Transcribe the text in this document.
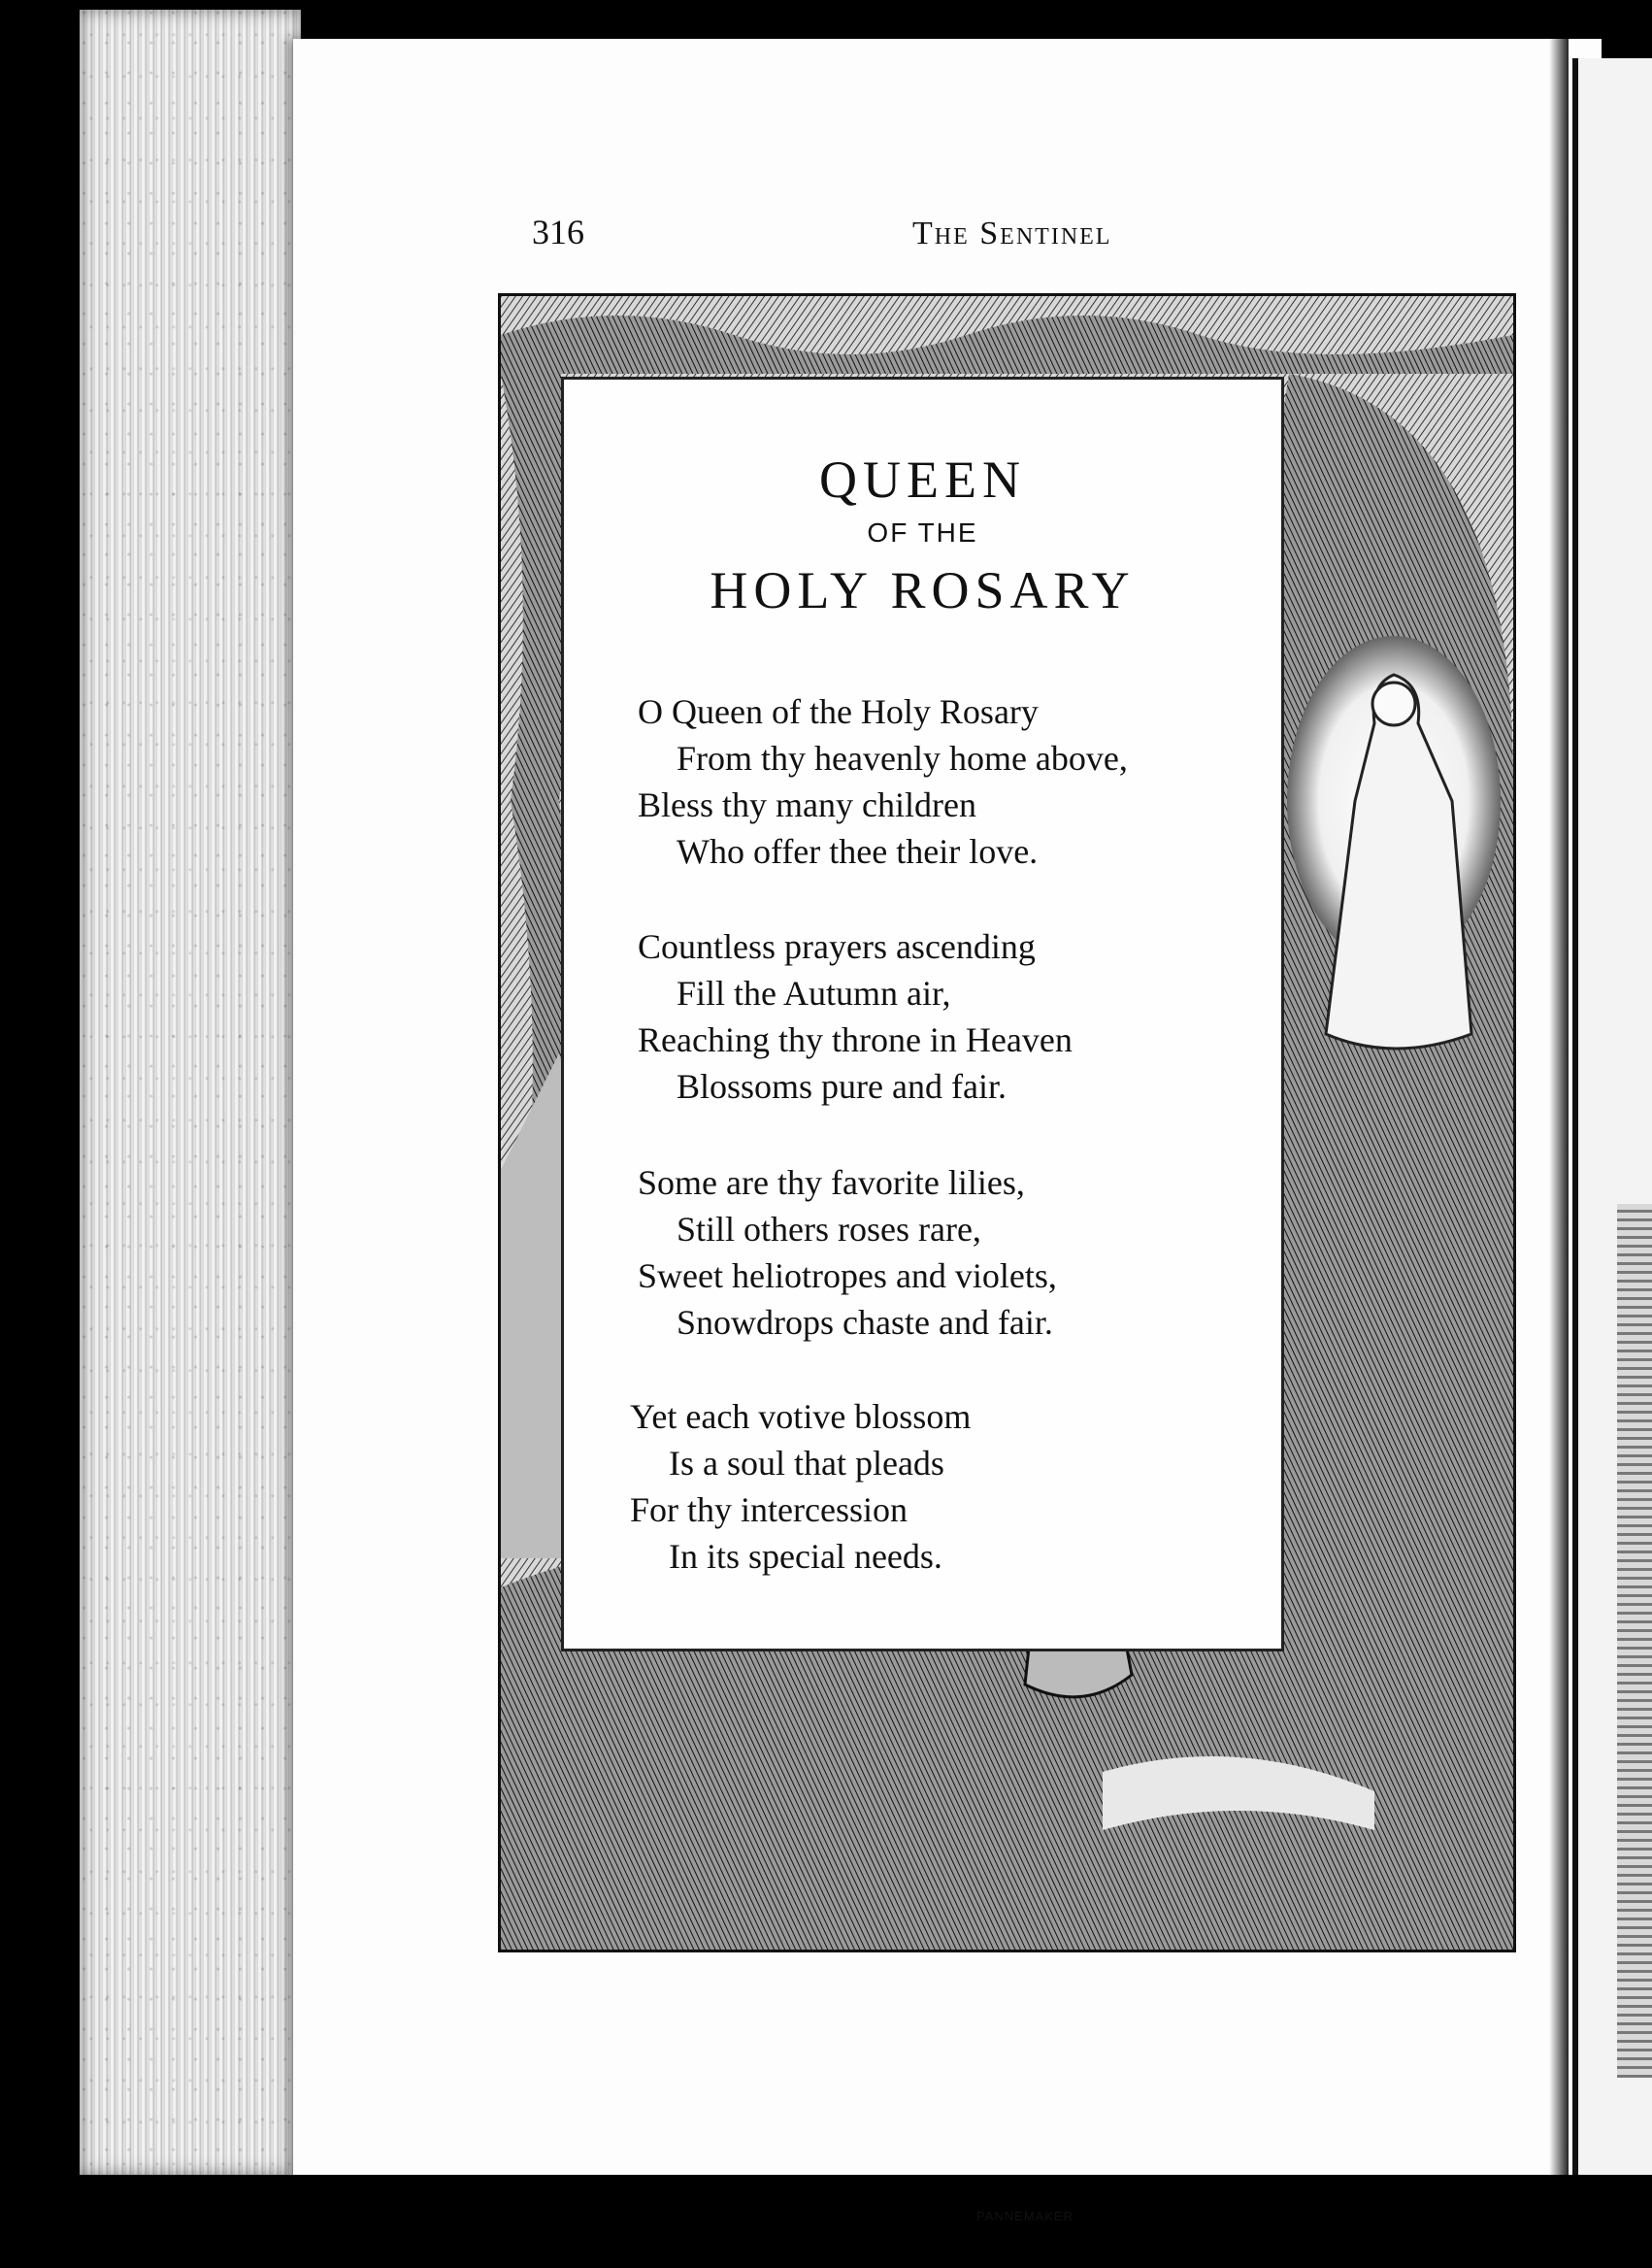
316	The Sentinel
PANNEMAKER
QUEEN
OF THE
HOLY ROSARY
O Queen of the Holy Rosary
From thy heavenly home above,
Bless thy many children
Who offer thee their love.
Countless prayers ascending
Fill the Autumn air,
Reaching thy throne in Heaven
Blossoms pure and fair.
Some are thy favorite lilies,
Still others roses rare,
Sweet heliotropes and violets,
Snowdrops chaste and fair.
Yet each votive blossom
Is a soul that pleads
For thy intercession
In its special needs.
